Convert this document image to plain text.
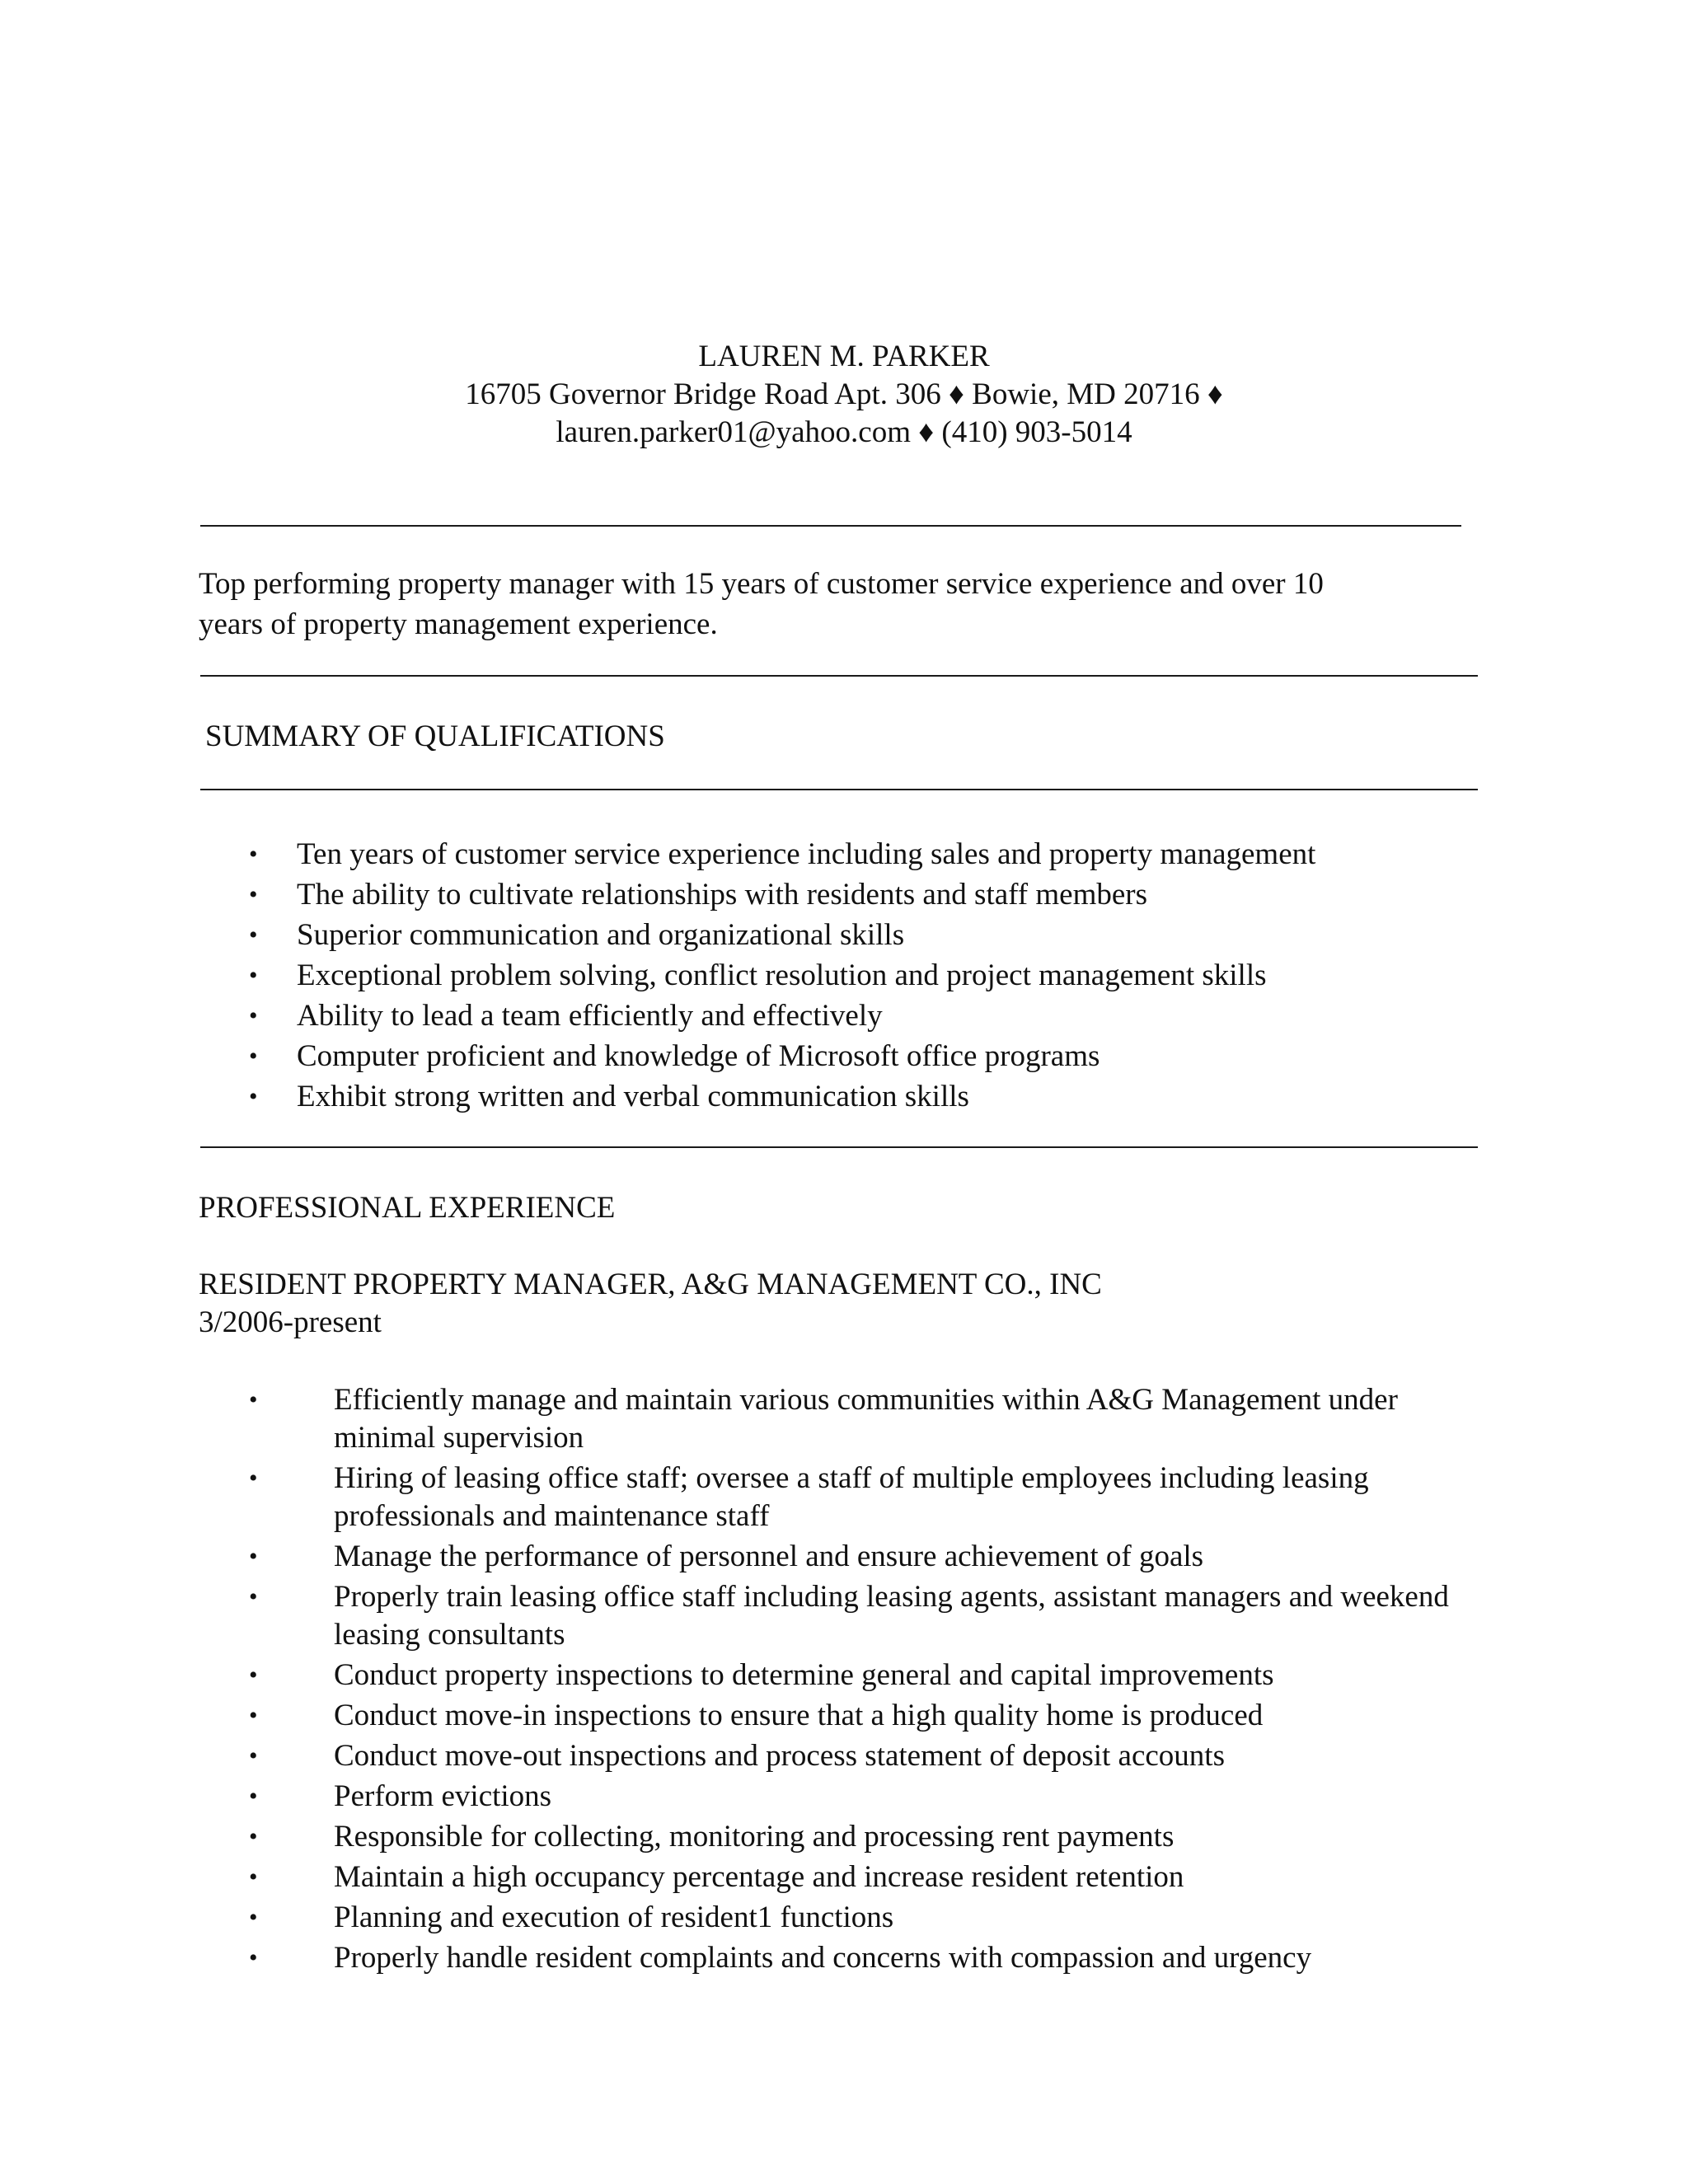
LAUREN M. PARKER
16705 Governor Bridge Road Apt. 306 ♦ Bowie, MD 20716 ♦
lauren.parker01@yahoo.com ♦ (410) 903-5014
Top performing property manager with 15 years of customer service experience and over 10
years of property management experience.
SUMMARY OF QUALIFICATIONS
• Ten years of customer service experience including sales and property management
• The ability to cultivate relationships with residents and staff members
• Superior communication and organizational skills
• Exceptional problem solving, conflict resolution and project management skills
• Ability to lead a team efficiently and effectively
• Computer proficient and knowledge of Microsoft office programs
• Exhibit strong written and verbal communication skills
PROFESSIONAL EXPERIENCE
RESIDENT PROPERTY MANAGER, A&G MANAGEMENT CO., INC
3/2006-present
• Efficiently manage and maintain various communities within A&G Management under minimal supervision
• Hiring of leasing office staff; oversee a staff of multiple employees including leasing professionals and maintenance staff
• Manage the performance of personnel and ensure achievement of goals
• Properly train leasing office staff including leasing agents, assistant managers and weekend leasing consultants
• Conduct property inspections to determine general and capital improvements
• Conduct move-in inspections to ensure that a high quality home is produced
• Conduct move-out inspections and process statement of deposit accounts
• Perform evictions
• Responsible for collecting, monitoring and processing rent payments
• Maintain a high occupancy percentage and increase resident retention
• Planning and execution of resident1 functions
• Properly handle resident complaints and concerns with compassion and urgency
